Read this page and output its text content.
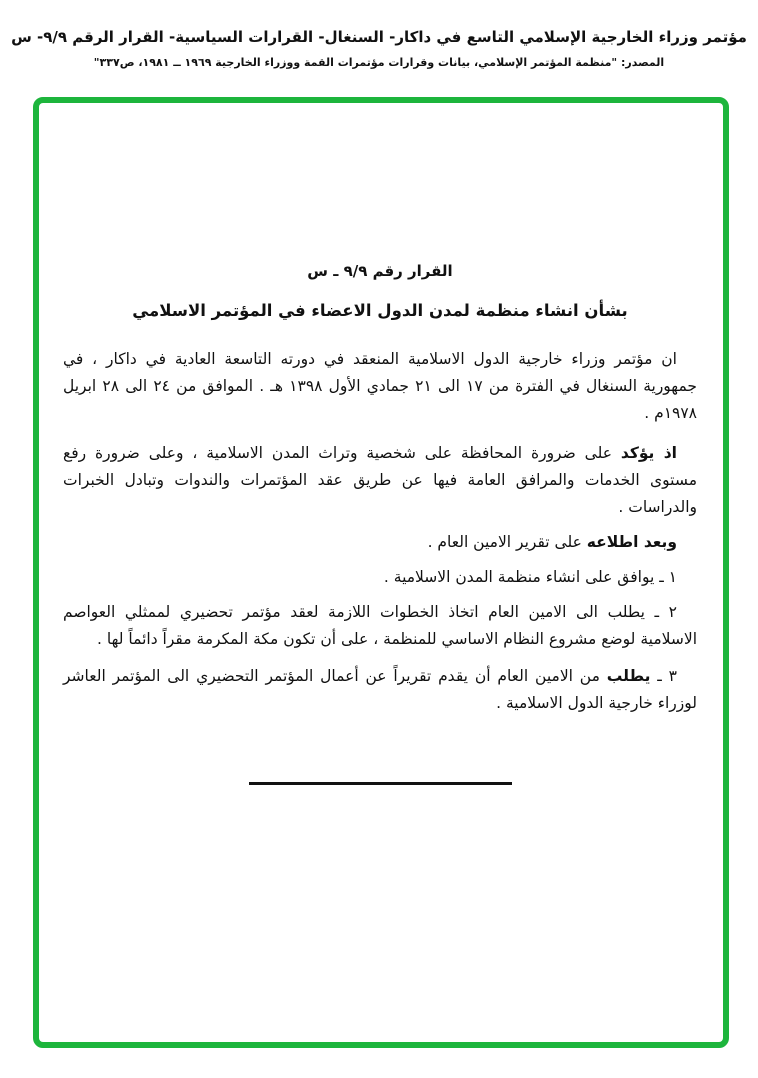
مؤتمر وزراء الخارجية الإسلامي التاسع في داكار- السنغال- القرارات السياسية- القرار الرقم ٩/٩- س
المصدر: "منظمة المؤتمر الإسلامي، بيانات وقرارات مؤتمرات القمة ووزراء الخارجية ١٩٦٩ ــ ١٩٨١، ص٣٣٧"
القرار رقم ٩/٩ ـ س
بشأن انشاء منظمة لمدن الدول الاعضاء في المؤتمر الاسلامي

ان مؤتمر وزراء خارجية الدول الاسلامية المنعقد في دورته التاسعة العادية في داكار ، في جمهورية السنغال في الفترة من ١٧ الى ٢١ جمادي الأول ١٣٩٨ هـ . الموافق من ٢٤ الى ٢٨ ابريل ١٩٧٨م .

اذ يؤكد على ضرورة المحافظة على شخصية وتراث المدن الاسلامية ، وعلى ضرورة رفع مستوى الخدمات والمرافق العامة فيها عن طريق عقد المؤتمرات والندوات وتبادل الخبرات والدراسات .

وبعد اطلاعه على تقرير الامين العام .

١ ـ يوافق على انشاء منظمة المدن الاسلامية .

٢ ـ يطلب الى الامين العام اتخاذ الخطوات اللازمة لعقد مؤتمر تحضيري لممثلي العواصم الاسلامية لوضع مشروع النظام الاساسي للمنظمة ، على أن تكون مكة المكرمة مقراً دائماً لها .

٣ ـ يطلب من الامين العام أن يقدم تقريراً عن أعمال المؤتمر التحضيري الى المؤتمر العاشر لوزراء خارجية الدول الاسلامية .
